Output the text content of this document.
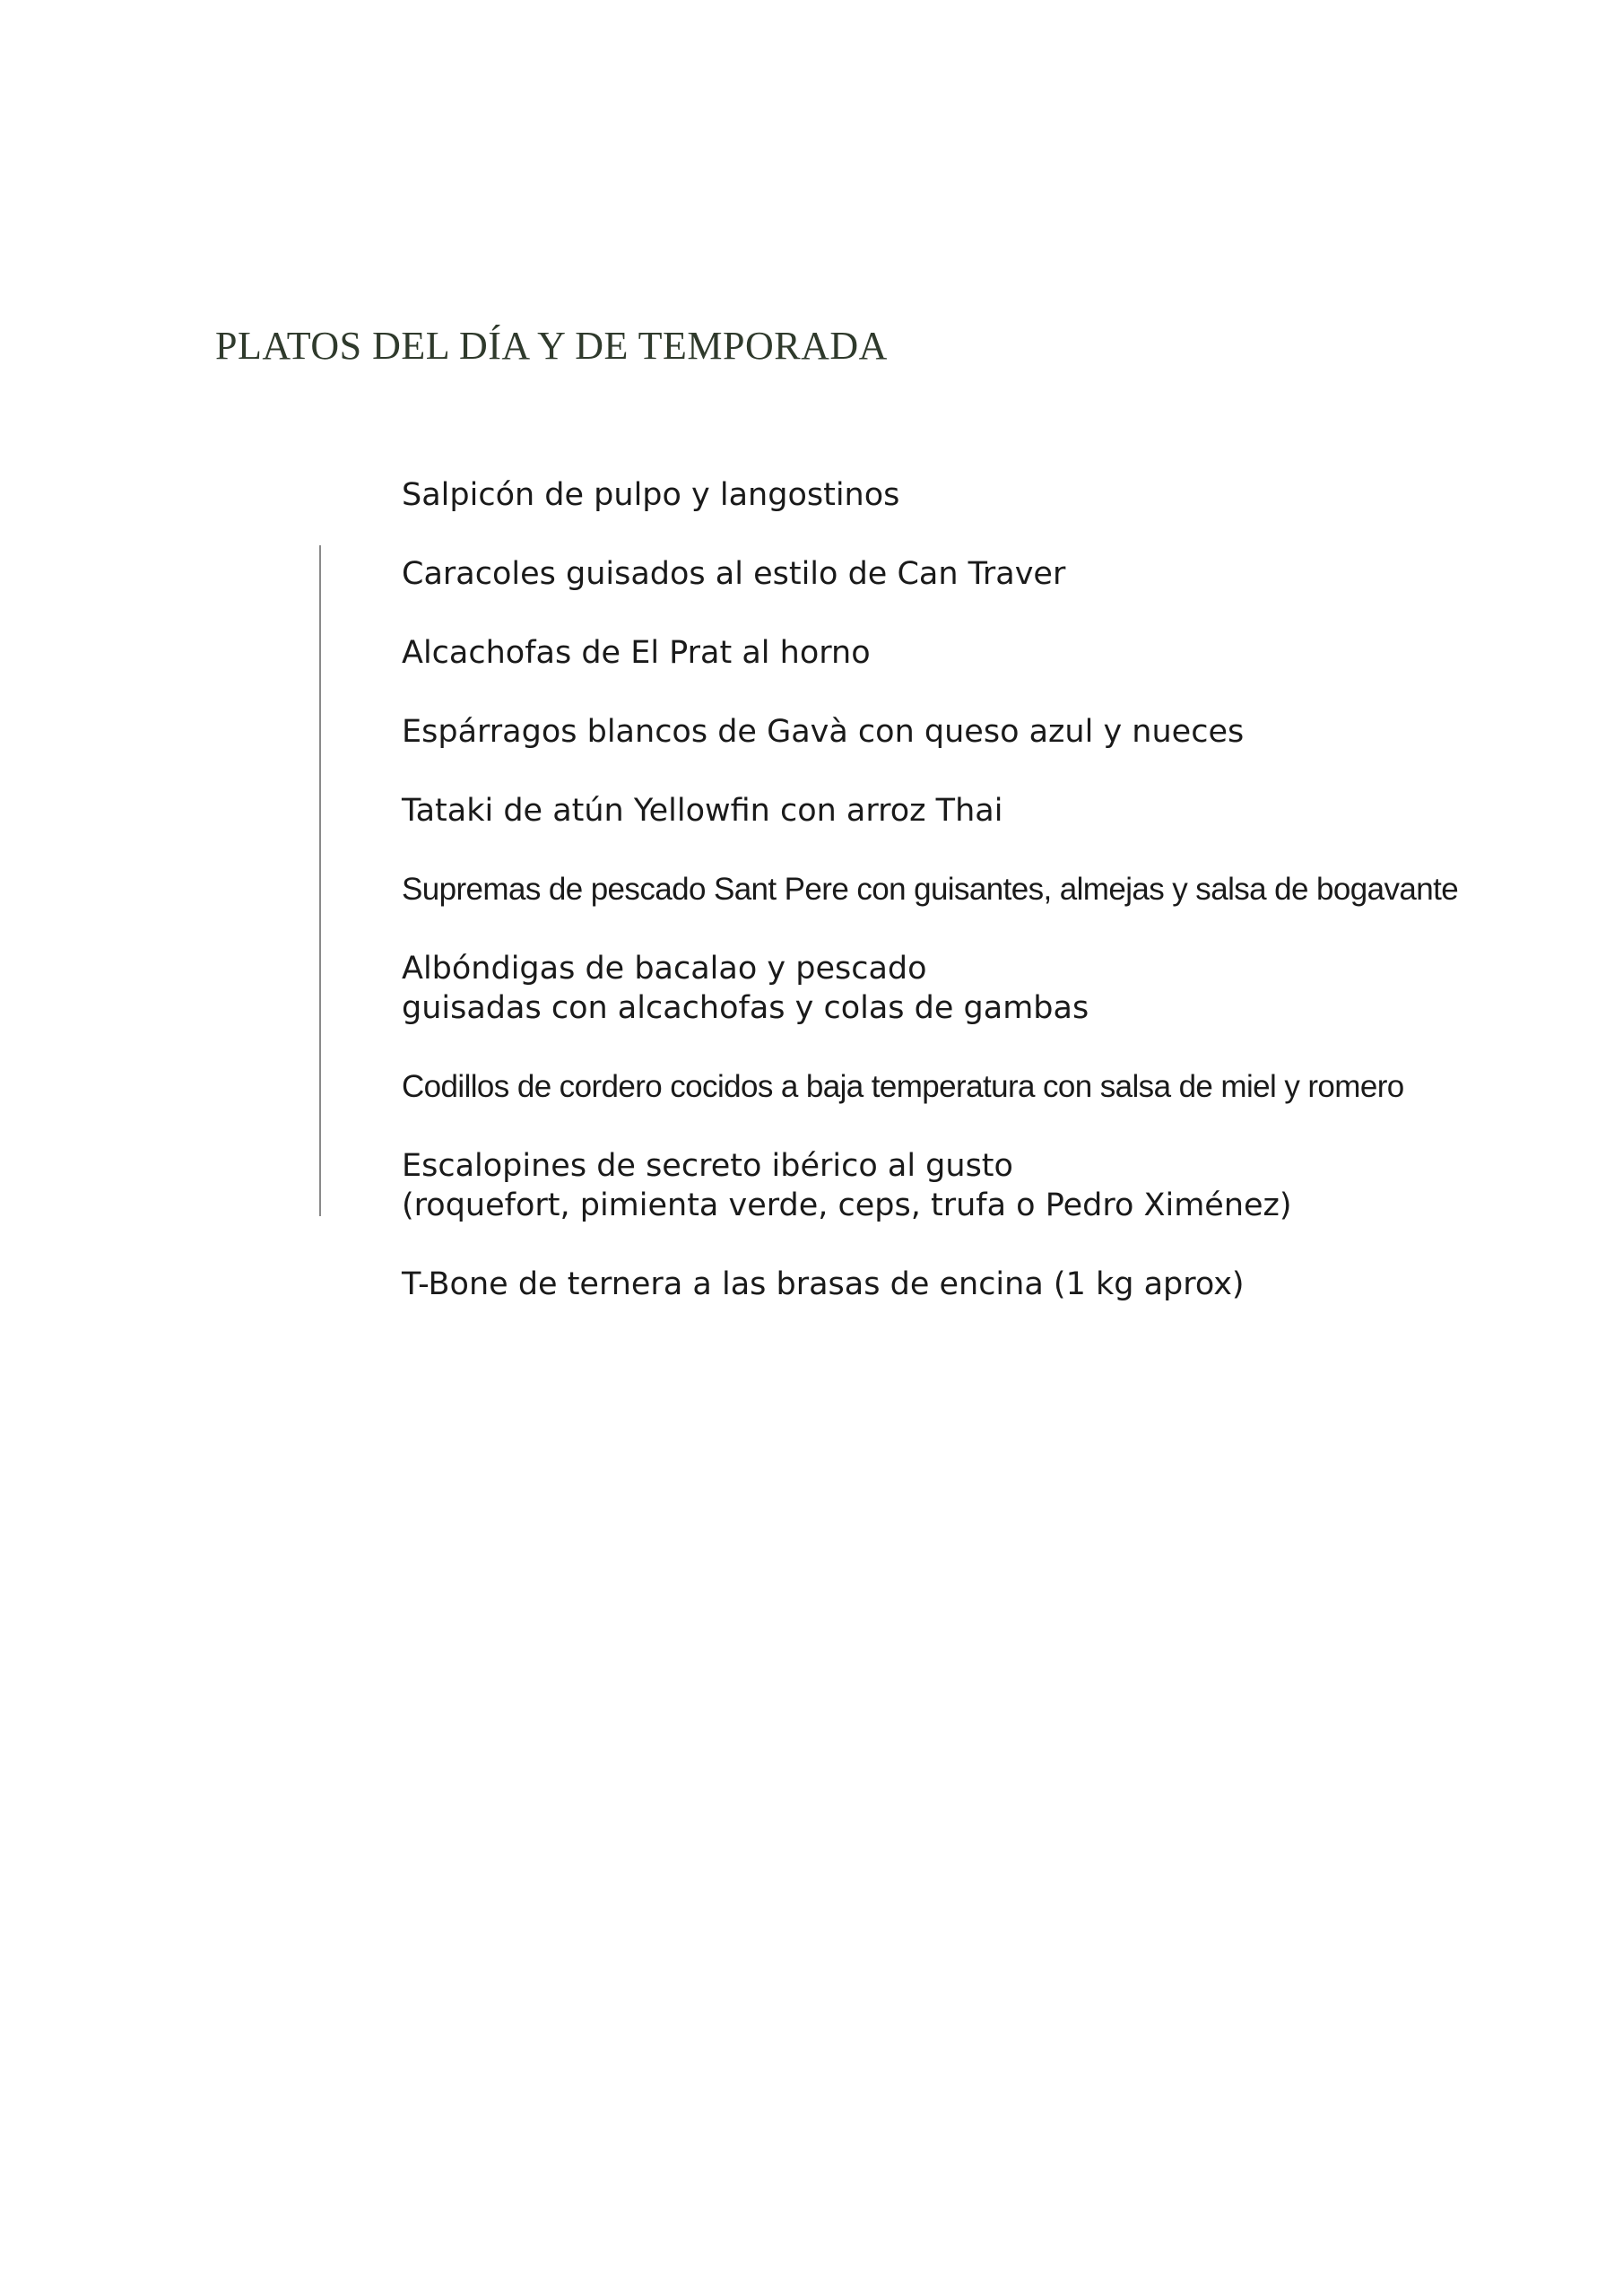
PLATOS DEL DÍA Y DE TEMPORADA
Salpicón de pulpo y langostinos
Caracoles guisados al estilo de Can Traver
Alcachofas de El Prat al horno
Espárragos blancos de Gavà con queso azul y nueces
Tataki de atún Yellowfin con arroz Thai
Supremas de pescado Sant Pere con guisantes, almejas y salsa de bogavante
Albóndigas de bacalao y pescado
guisadas con alcachofas y colas de gambas
Codillos de cordero cocidos a baja temperatura con salsa de miel y romero
Escalopines de secreto ibérico al gusto
(roquefort, pimienta verde, ceps, trufa o Pedro Ximénez)
T-Bone de ternera a las brasas de encina (1 kg aprox)
